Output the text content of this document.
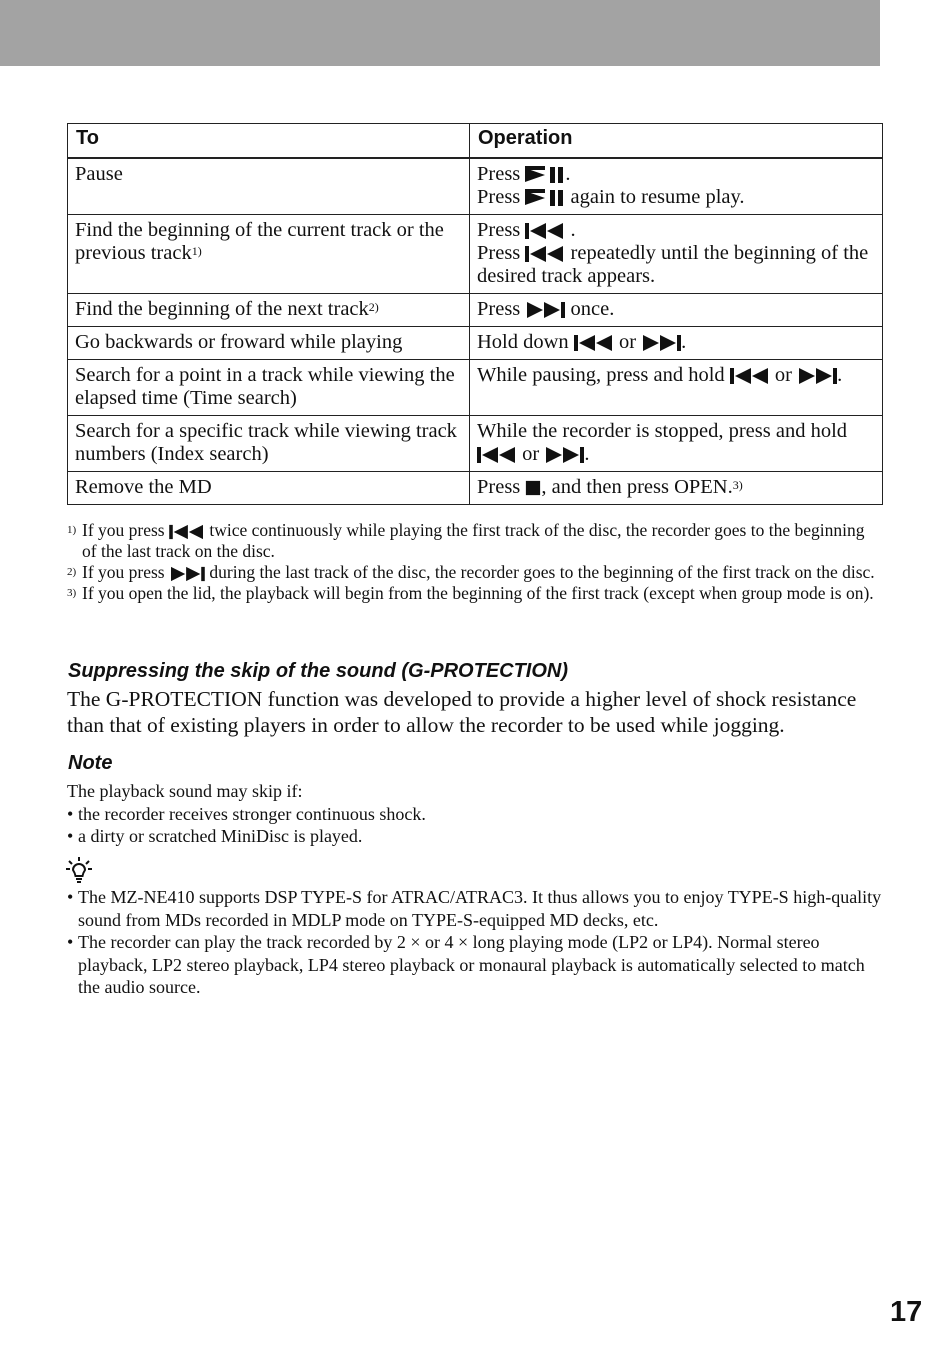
To	Operation
Pause	Press .
Press  again to resume play.

Find the beginning of the current track or the previous track$^{1)}$	Press  .
Press  repeatedly until the beginning of the desired track appears.

Find the beginning of the next track$^{2)}$	Press  once.
Go backwards or froward while playing	Hold down or .
Search for a point in a track while viewing the elapsed time (Time search)	While pausing, press and hold or .
Search for a specific track while viewing track numbers (Index search)	While the recorder is stopped, press and hold  or .
Remove the MD	Press , and then press OPEN.$^{3)}$
1) If you press  twice continuously while playing the first track of the disc, the recorder goes to the beginning of the last track on the disc.
2) If you press  during the last track of the disc, the recorder goes to the beginning of the first track on the disc.
3) If you open the lid, the playback will begin from the beginning of the first track (except when group mode is on).
Suppressing the skip of the sound (G-PROTECTION)
The G-PROTECTION function was developed to provide a higher level of shock resistance than that of existing players in order to allow the recorder to be used while jogging.
Note
The playback sound may skip if:
• the recorder receives stronger continuous shock.
• a dirty or scratched MiniDisc is played.
• The MZ-NE410 supports DSP TYPE-S for ATRAC/ATRAC3. It thus allows you to enjoy TYPE-S high-quality sound from MDs recorded in MDLP mode on TYPE-S-equipped MD decks, etc.
• The recorder can play the track recorded by 2 × or 4 × long playing mode (LP2 or LP4). Normal stereo playback, LP2 stereo playback, LP4 stereo playback or monaural playback is automatically selected to match the audio source.
17
